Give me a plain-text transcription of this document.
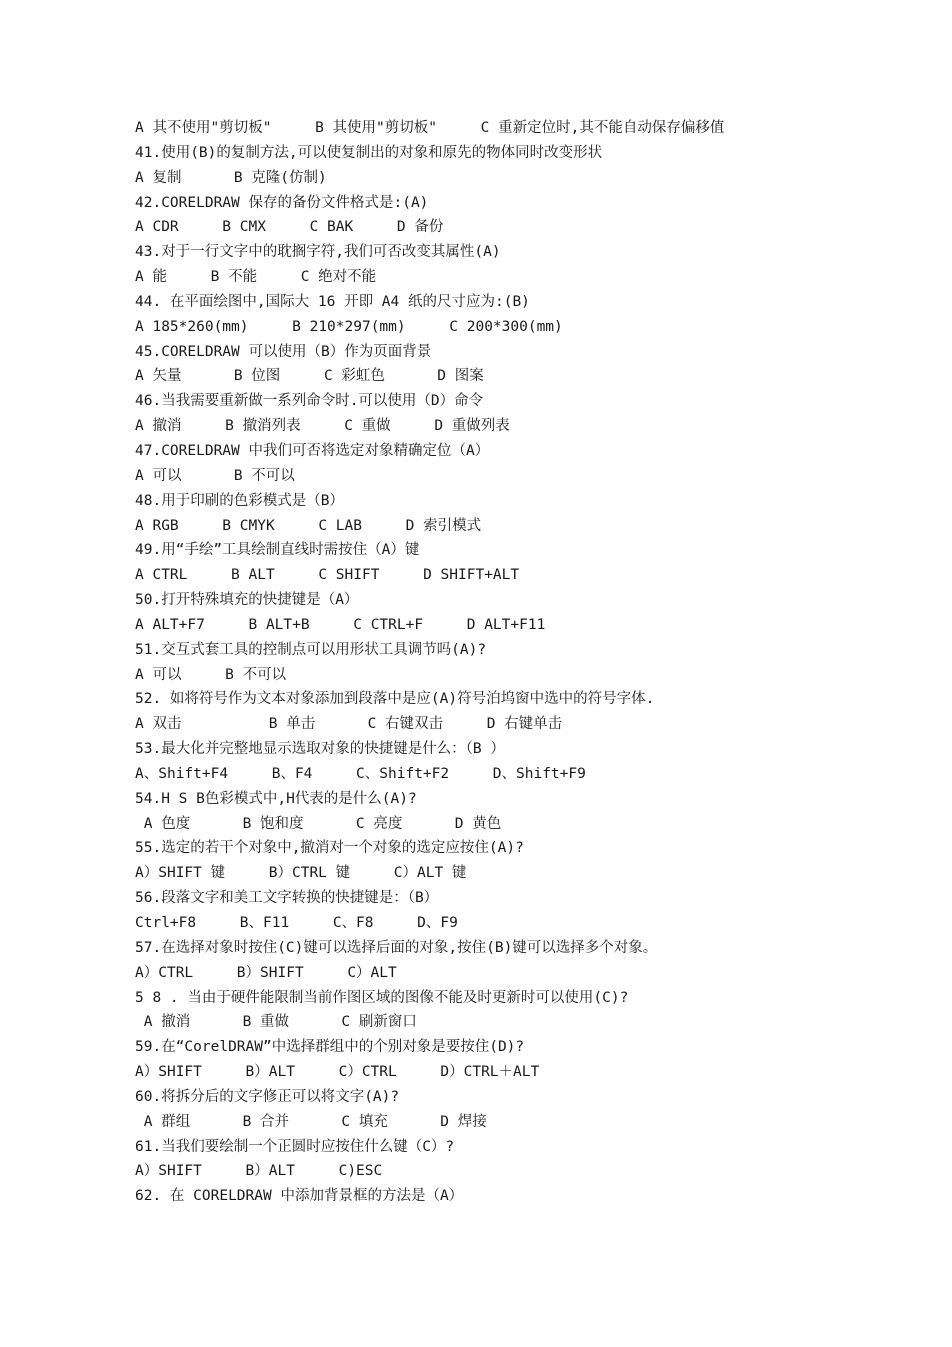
A 其不使用"剪切板"     B 其使用"剪切板"     C 重新定位时,其不能自动保存偏移值
41.使用(B)的复制方法,可以使复制出的对象和原先的物体同时改变形状
A 复制      B 克隆(仿制)
42.CORELDRAW 保存的备份文件格式是:(A)
A CDR     B CMX     C BAK     D 备份
43.对于一行文字中的耽搁字符,我们可否改变其属性(A)
A 能     B 不能     C 绝对不能
44. 在平面绘图中,国际大 16 开即 A4 纸的尺寸应为:(B)
A 185*260(mm)     B 210*297(mm)     C 200*300(mm)
45.CORELDRAW 可以使用（B）作为页面背景
A 矢量      B 位图     C 彩虹色      D 图案
46.当我需要重新做一系列命令时.可以使用（D）命令
A 撤消     B 撤消列表     C 重做     D 重做列表
47.CORELDRAW 中我们可否将选定对象精确定位（A）
A 可以      B 不可以
48.用于印刷的色彩模式是（B）
A RGB     B CMYK     C LAB     D 索引模式
49.用“手绘”工具绘制直线时需按住（A）键
A CTRL     B ALT     C SHIFT     D SHIFT+ALT
50.打开特殊填充的快捷键是（A）
A ALT+F7     B ALT+B     C CTRL+F     D ALT+F11
51.交互式套工具的控制点可以用形状工具调节吗(A)?
A 可以     B 不可以
52. 如将符号作为文本对象添加到段落中是应(A)符号泊坞窗中选中的符号字体.
A 双击          B 单击      C 右键双击     D 右键单击
53.最大化并完整地显示选取对象的快捷键是什么：（B ）
A、Shift+F4     B、F4     C、Shift+F2     D、Shift+F9
54.H S B色彩模式中,H代表的是什么(A)?
A 色度      B 饱和度      C 亮度      D 黄色
55.选定的若干个对象中,撤消对一个对象的选定应按住(A)?
A）SHIFT 键     B）CTRL 键     C）ALT 键
56.段落文字和美工文字转换的快捷键是：（B）
Ctrl+F8     B、F11     C、F8     D、F9
57.在选择对象时按住(C)键可以选择后面的对象,按住(B)键可以选择多个对象。
A）CTRL     B）SHIFT     C）ALT
5 8 . 当由于硬件能限制当前作图区域的图像不能及时更新时可以使用(C)?
A 撤消      B 重做      C 刷新窗口
59.在“CorelDRAW”中选择群组中的个别对象是要按住(D)?
A）SHIFT     B）ALT     C）CTRL     D）CTRL＋ALT
60.将拆分后的文字修正可以将文字(A)?
A 群组      B 合并      C 填充      D 焊接
61.当我们要绘制一个正圆时应按住什么键（C）?
A）SHIFT     B）ALT     C)ESC
62. 在 CORELDRAW 中添加背景框的方法是（A）
